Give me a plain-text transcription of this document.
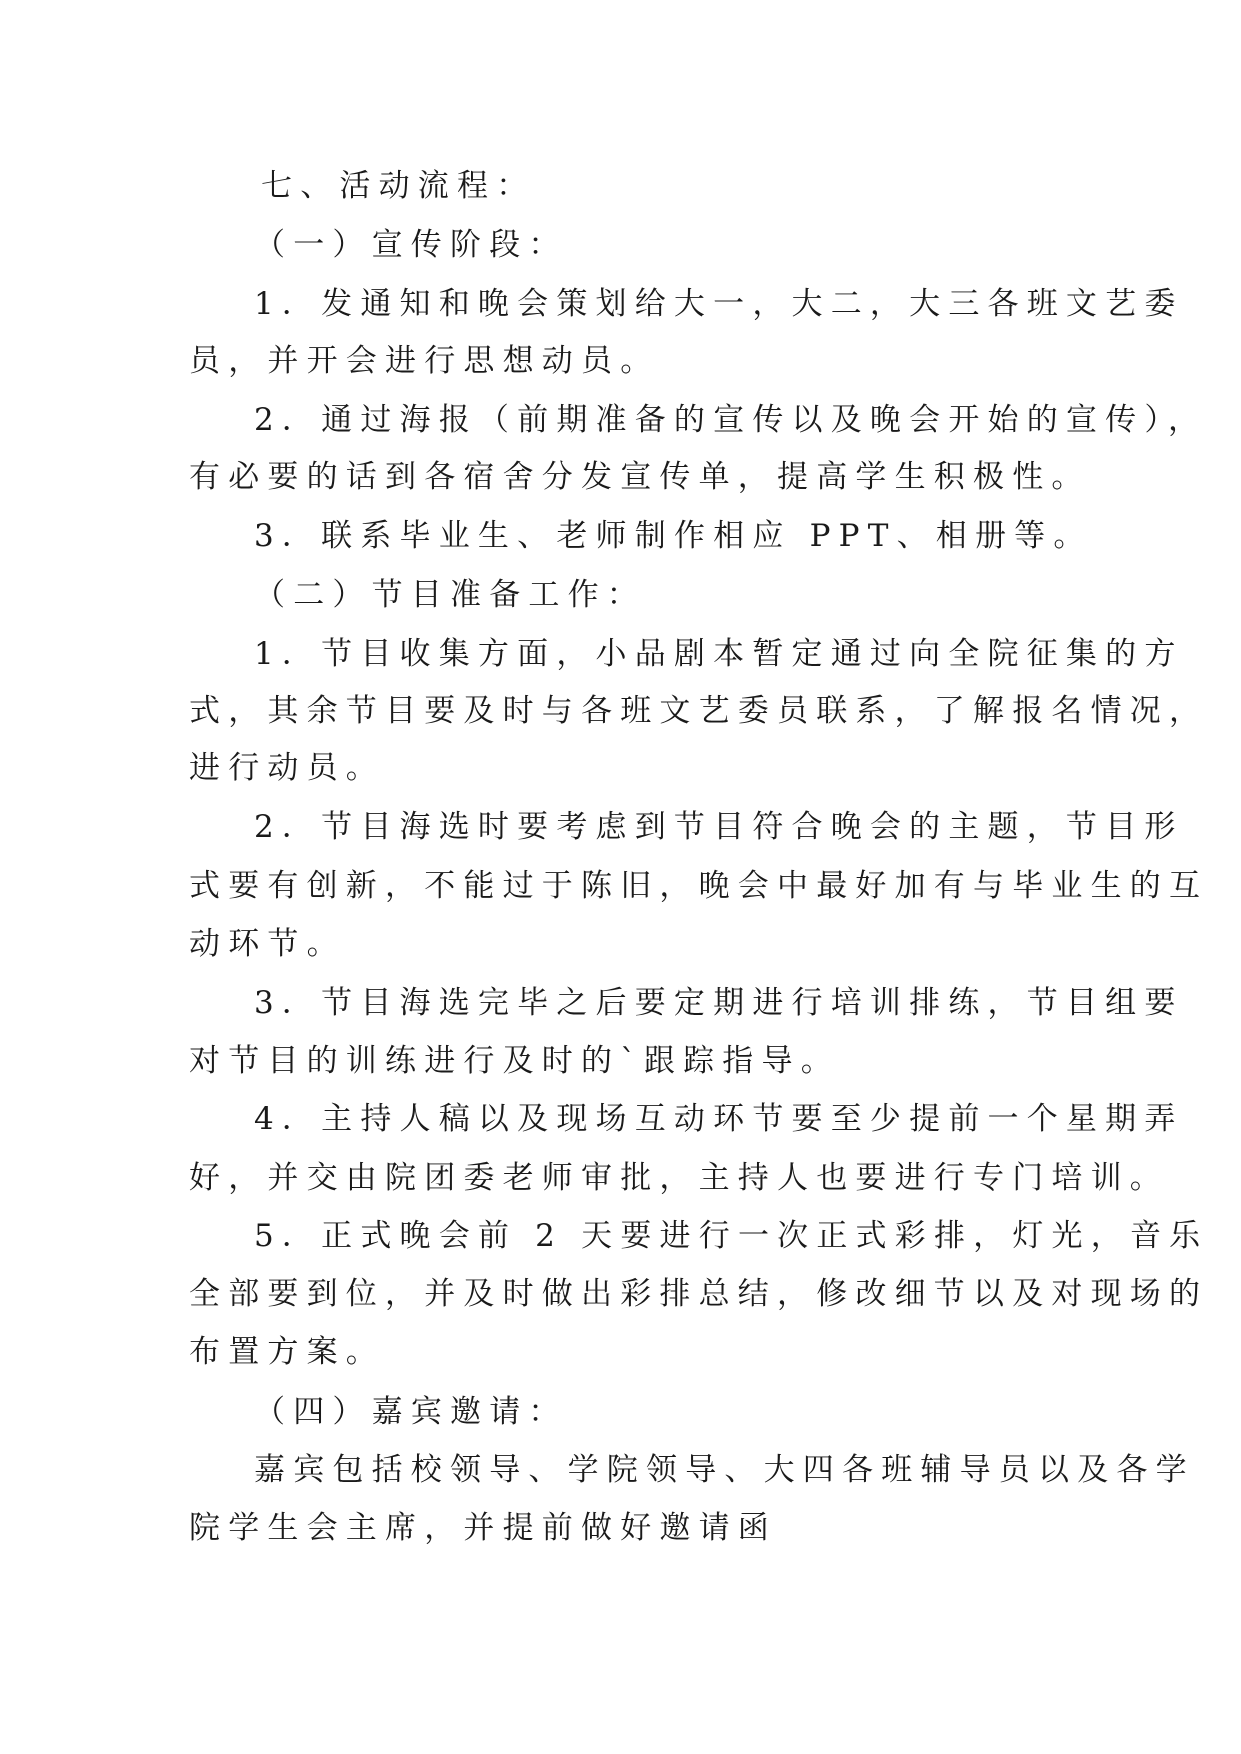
七、活动流程：

（一）宣传阶段：

1．发通知和晚会策划给大一，大二，大三各班文艺委

员，并开会进行思想动员。

2．通过海报（前期准备的宣传以及晚会开始的宣传），

有必要的话到各宿舍分发宣传单，提高学生积极性。

3．联系毕业生、老师制作相应 PPT、相册等。

（二）节目准备工作：

1．节目收集方面，小品剧本暂定通过向全院征集的方

式，其余节目要及时与各班文艺委员联系，了解报名情况，

进行动员。

2．节目海选时要考虑到节目符合晚会的主题，节目形

式要有创新，不能过于陈旧，晚会中最好加有与毕业生的互

动环节。

3．节目海选完毕之后要定期进行培训排练，节目组要

对节目的训练进行及时的`跟踪指导。

4．主持人稿以及现场互动环节要至少提前一个星期弄

好，并交由院团委老师审批，主持人也要进行专门培训。

5．正式晚会前 2 天要进行一次正式彩排，灯光，音乐

全部要到位，并及时做出彩排总结，修改细节以及对现场的

布置方案。

（四）嘉宾邀请：

嘉宾包括校领导、学院领导、大四各班辅导员以及各学

院学生会主席，并提前做好邀请函
